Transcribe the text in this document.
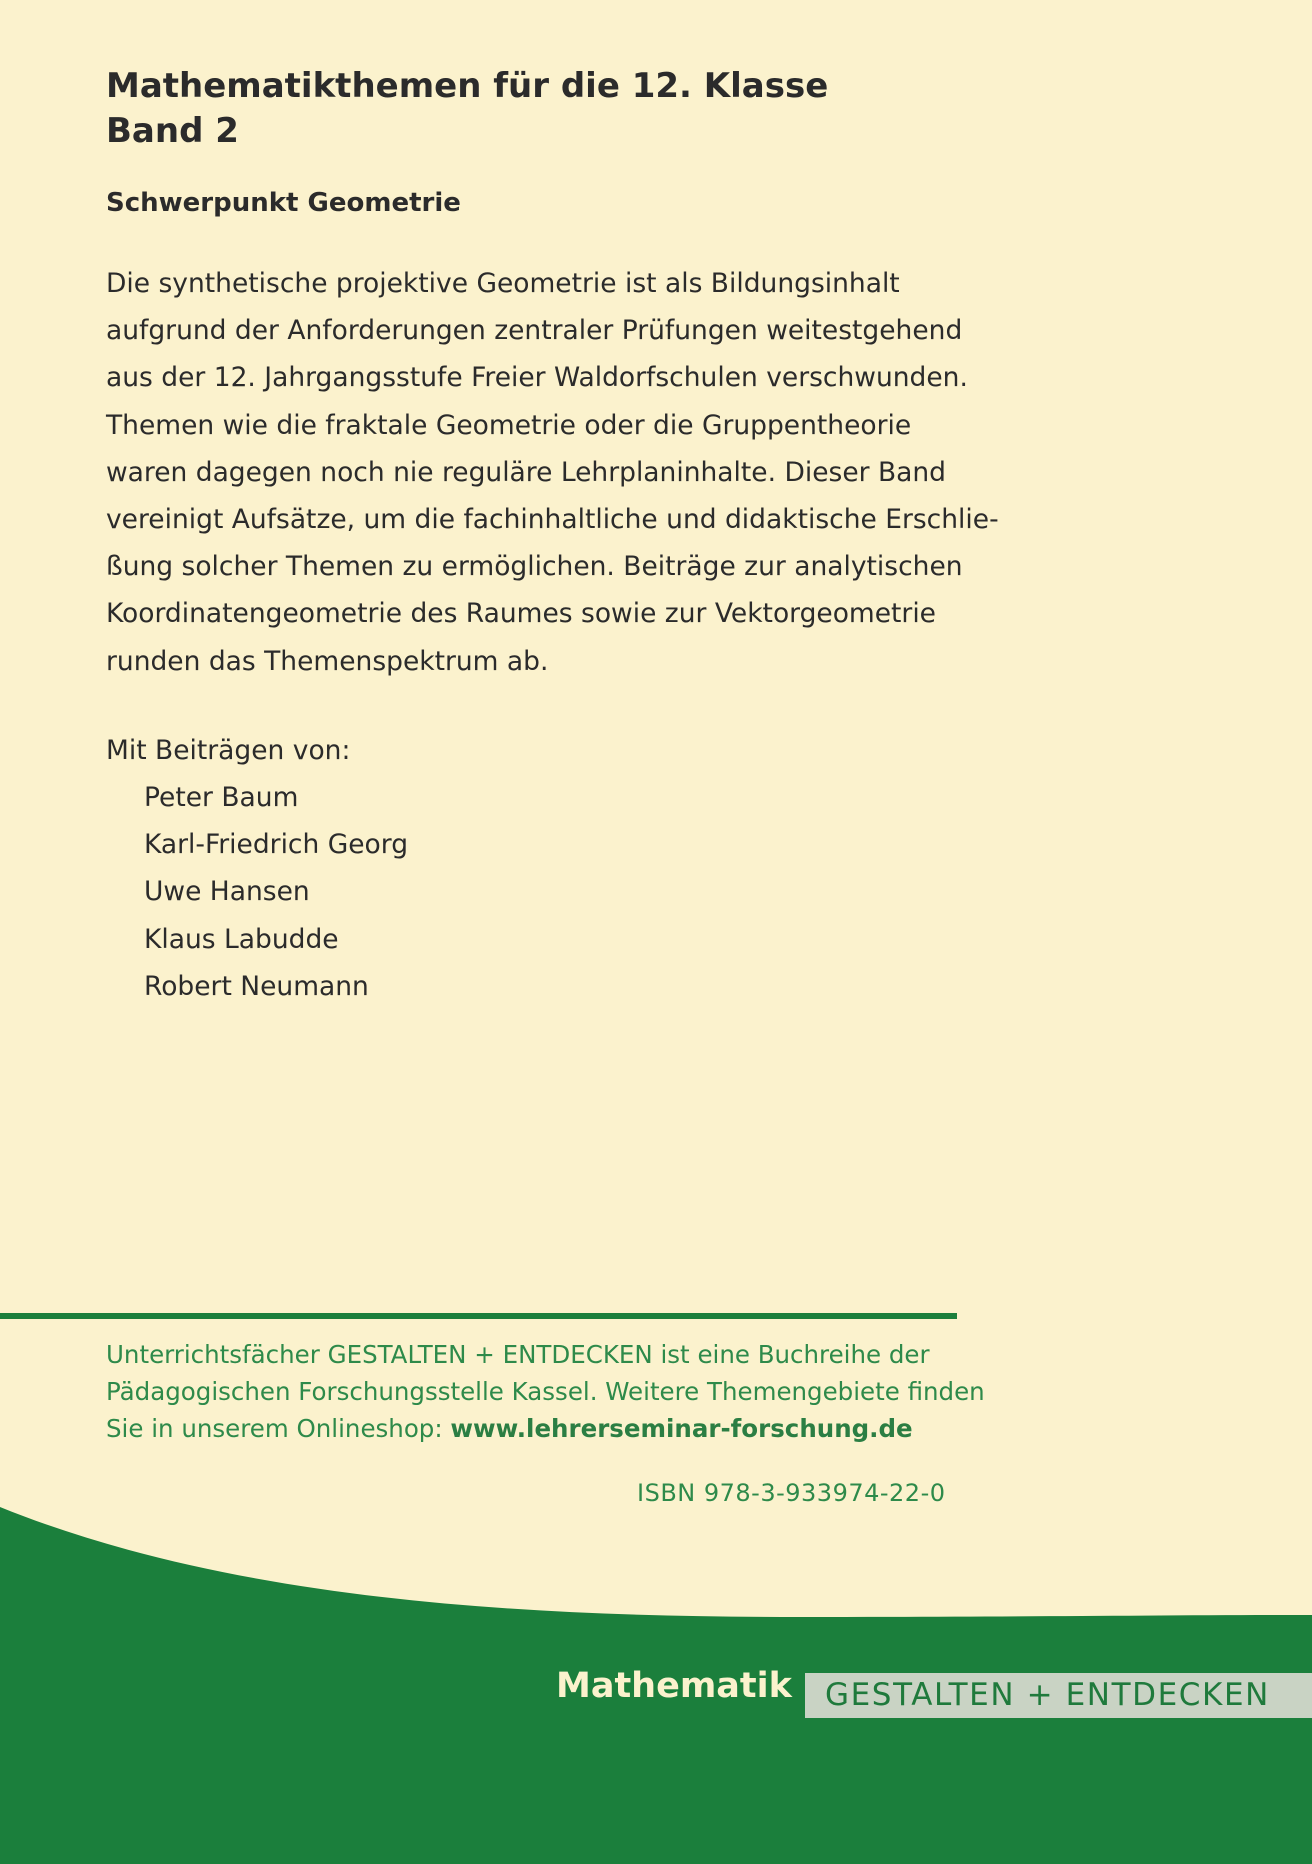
Mathematikthemen für die 12. Klasse
Band 2
Schwerpunkt Geometrie

Die synthetische projektive Geometrie ist als Bildungsinhalt
aufgrund der Anforderungen zentraler Prüfungen weitestgehend
aus der 12. Jahrgangsstufe Freier Waldorfschulen verschwunden.
Themen wie die fraktale Geometrie oder die Gruppentheorie
waren dagegen noch nie reguläre Lehrplaninhalte. Dieser Band
vereinigt Aufsätze, um die fachinhaltliche und didaktische Erschlie-
ßung solcher Themen zu ermöglichen. Beiträge zur analytischen
Koordinatengeometrie des Raumes sowie zur Vektorgeometrie
runden das Themenspektrum ab.

Mit Beiträgen von:

Peter Baum
Karl-Friedrich Georg
Uwe Hansen
Klaus Labudde
Robert Neumann

Unterrichtsfächer GESTALTEN + ENTDECKEN ist eine Buchreihe der
Pädagogischen Forschungsstelle Kassel. Weitere Themengebiete finden
Sie in unserem Onlineshop: www.lehrerseminar-forschung.de

ISBN 978-3-933974-22-0

Mathematik GESTALTEN + ENTDECKEN
